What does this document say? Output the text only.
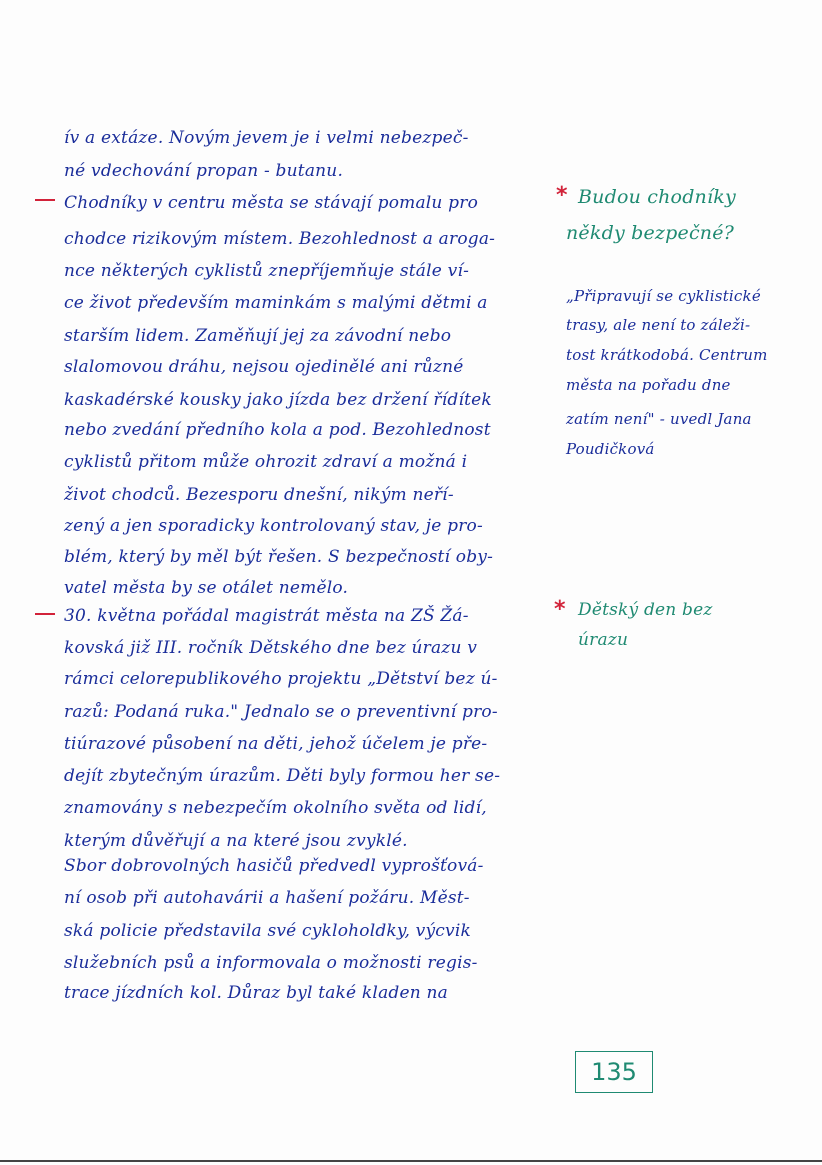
ív a extáze. Novým jevem je i velmi nebezpeč-
né vdechování propan - butanu.
Chodníky v centru města se stávají pomalu pro
chodce rizikovým místem. Bezohlednost a aroga-
nce některých cyklistů znepříjemňuje stále ví-
ce život především maminkám s malými dětmi a
starším lidem. Zaměňují jej za závodní nebo
slalomovou dráhu, nejsou ojedinělé ani různé
kaskadérské kousky jako jízda bez držení řídítek
nebo zvedání předního kola a pod. Bezohlednost
cyklistů přitom může ohrozit zdraví a možná i
život chodců. Bezesporu dnešní, nikým neří-
zený a jen sporadicky kontrolovaný stav, je pro-
blém, který by měl být řešen. S bezpečností oby-
vatel města by se otálet nemělo.
30. května pořádal magistrát města na ZŠ Žá-
kovská již III. ročník Dětského dne bez úrazu v
rámci celorepublikového projektu „Dětství bez ú-
razů: Podaná ruka." Jednalo se o preventivní pro-
tiúrazové působení na děti, jehož účelem je pře-
dejít zbytečným úrazům. Děti byly formou her se-
znamovány s nebezpečím okolního světa od lidí,
kterým důvěřují a na které jsou zvyklé.
Sbor dobrovolných hasičů předvedl vyprošťová-
ní osob při autohavárii a hašení požáru. Měst-
ská policie představila své cykloholdky, výcvik
služebních psů a informovala o možnosti regis-
trace jízdních kol. Důraz byl také kladen na
* Budou chodníky
někdy bezpečné?
„Připravují se cyklistické
trasy, ale není to záleži-
tost krátkodobá. Centrum
města na pořadu dne
zatím není" - uvedl Jana
Poudičková
* Dětský den bez
úrazu
135
